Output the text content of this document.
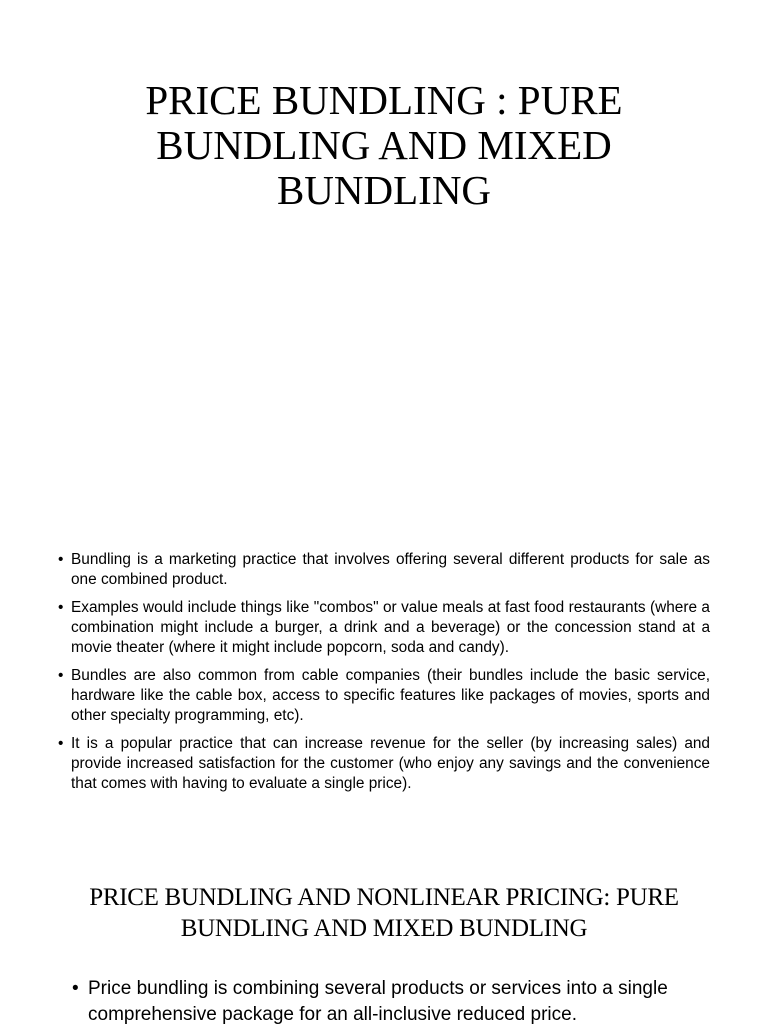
PRICE BUNDLING : PURE BUNDLING AND MIXED BUNDLING
• Bundling is a marketing practice that involves offering several different products for sale as one combined product.
• Examples would include things like "combos" or value meals at fast food restaurants (where a combination might include a burger, a drink and a beverage) or the concession stand at a movie theater (where it might include popcorn, soda and candy).
• Bundles are also common from cable companies (their bundles include the basic service, hardware like the cable box, access to specific features like packages of movies, sports and other specialty programming, etc).
• It is a popular practice that can increase revenue for the seller (by increasing sales) and provide increased satisfaction for the customer (who enjoy any savings and the convenience that comes with having to evaluate a single price).
PRICE BUNDLING AND NONLINEAR PRICING: PURE BUNDLING AND MIXED BUNDLING
• Price bundling is combining several products or services into a single comprehensive package for an all-inclusive reduced price.
